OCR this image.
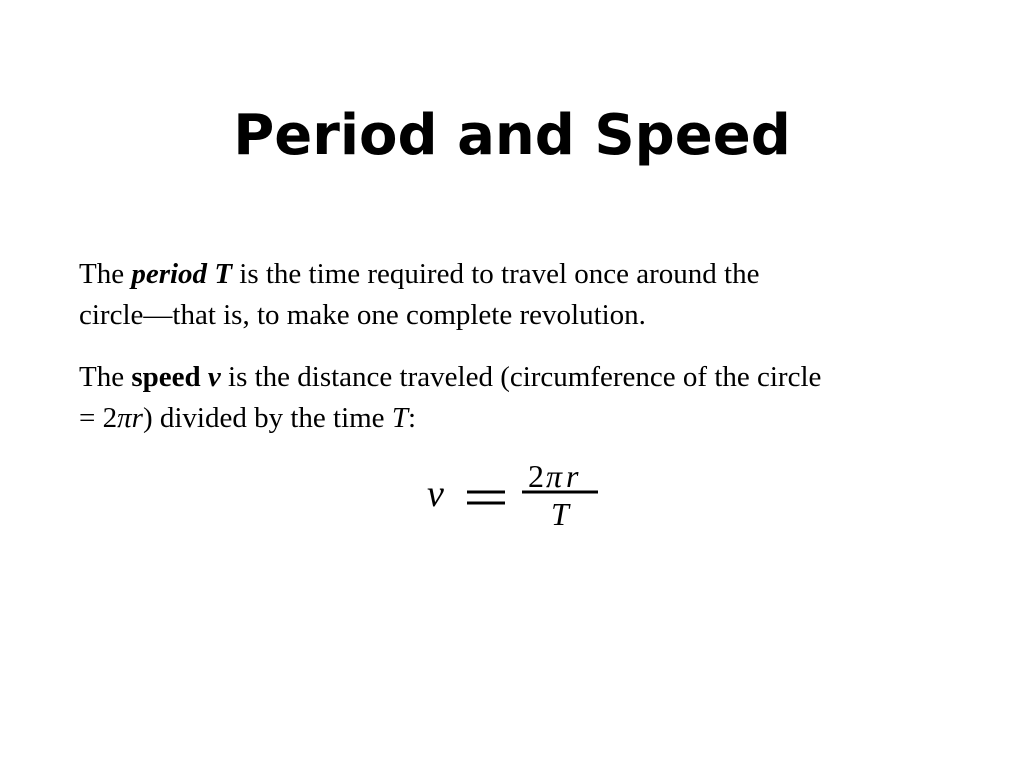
Period and Speed

The period T is the time required to travel once around the
circle—that is, to make one complete revolution.

The speed v is the distance traveled (circumference of the circle
= 2πr) divided by the time T:

v	2 π r
T
